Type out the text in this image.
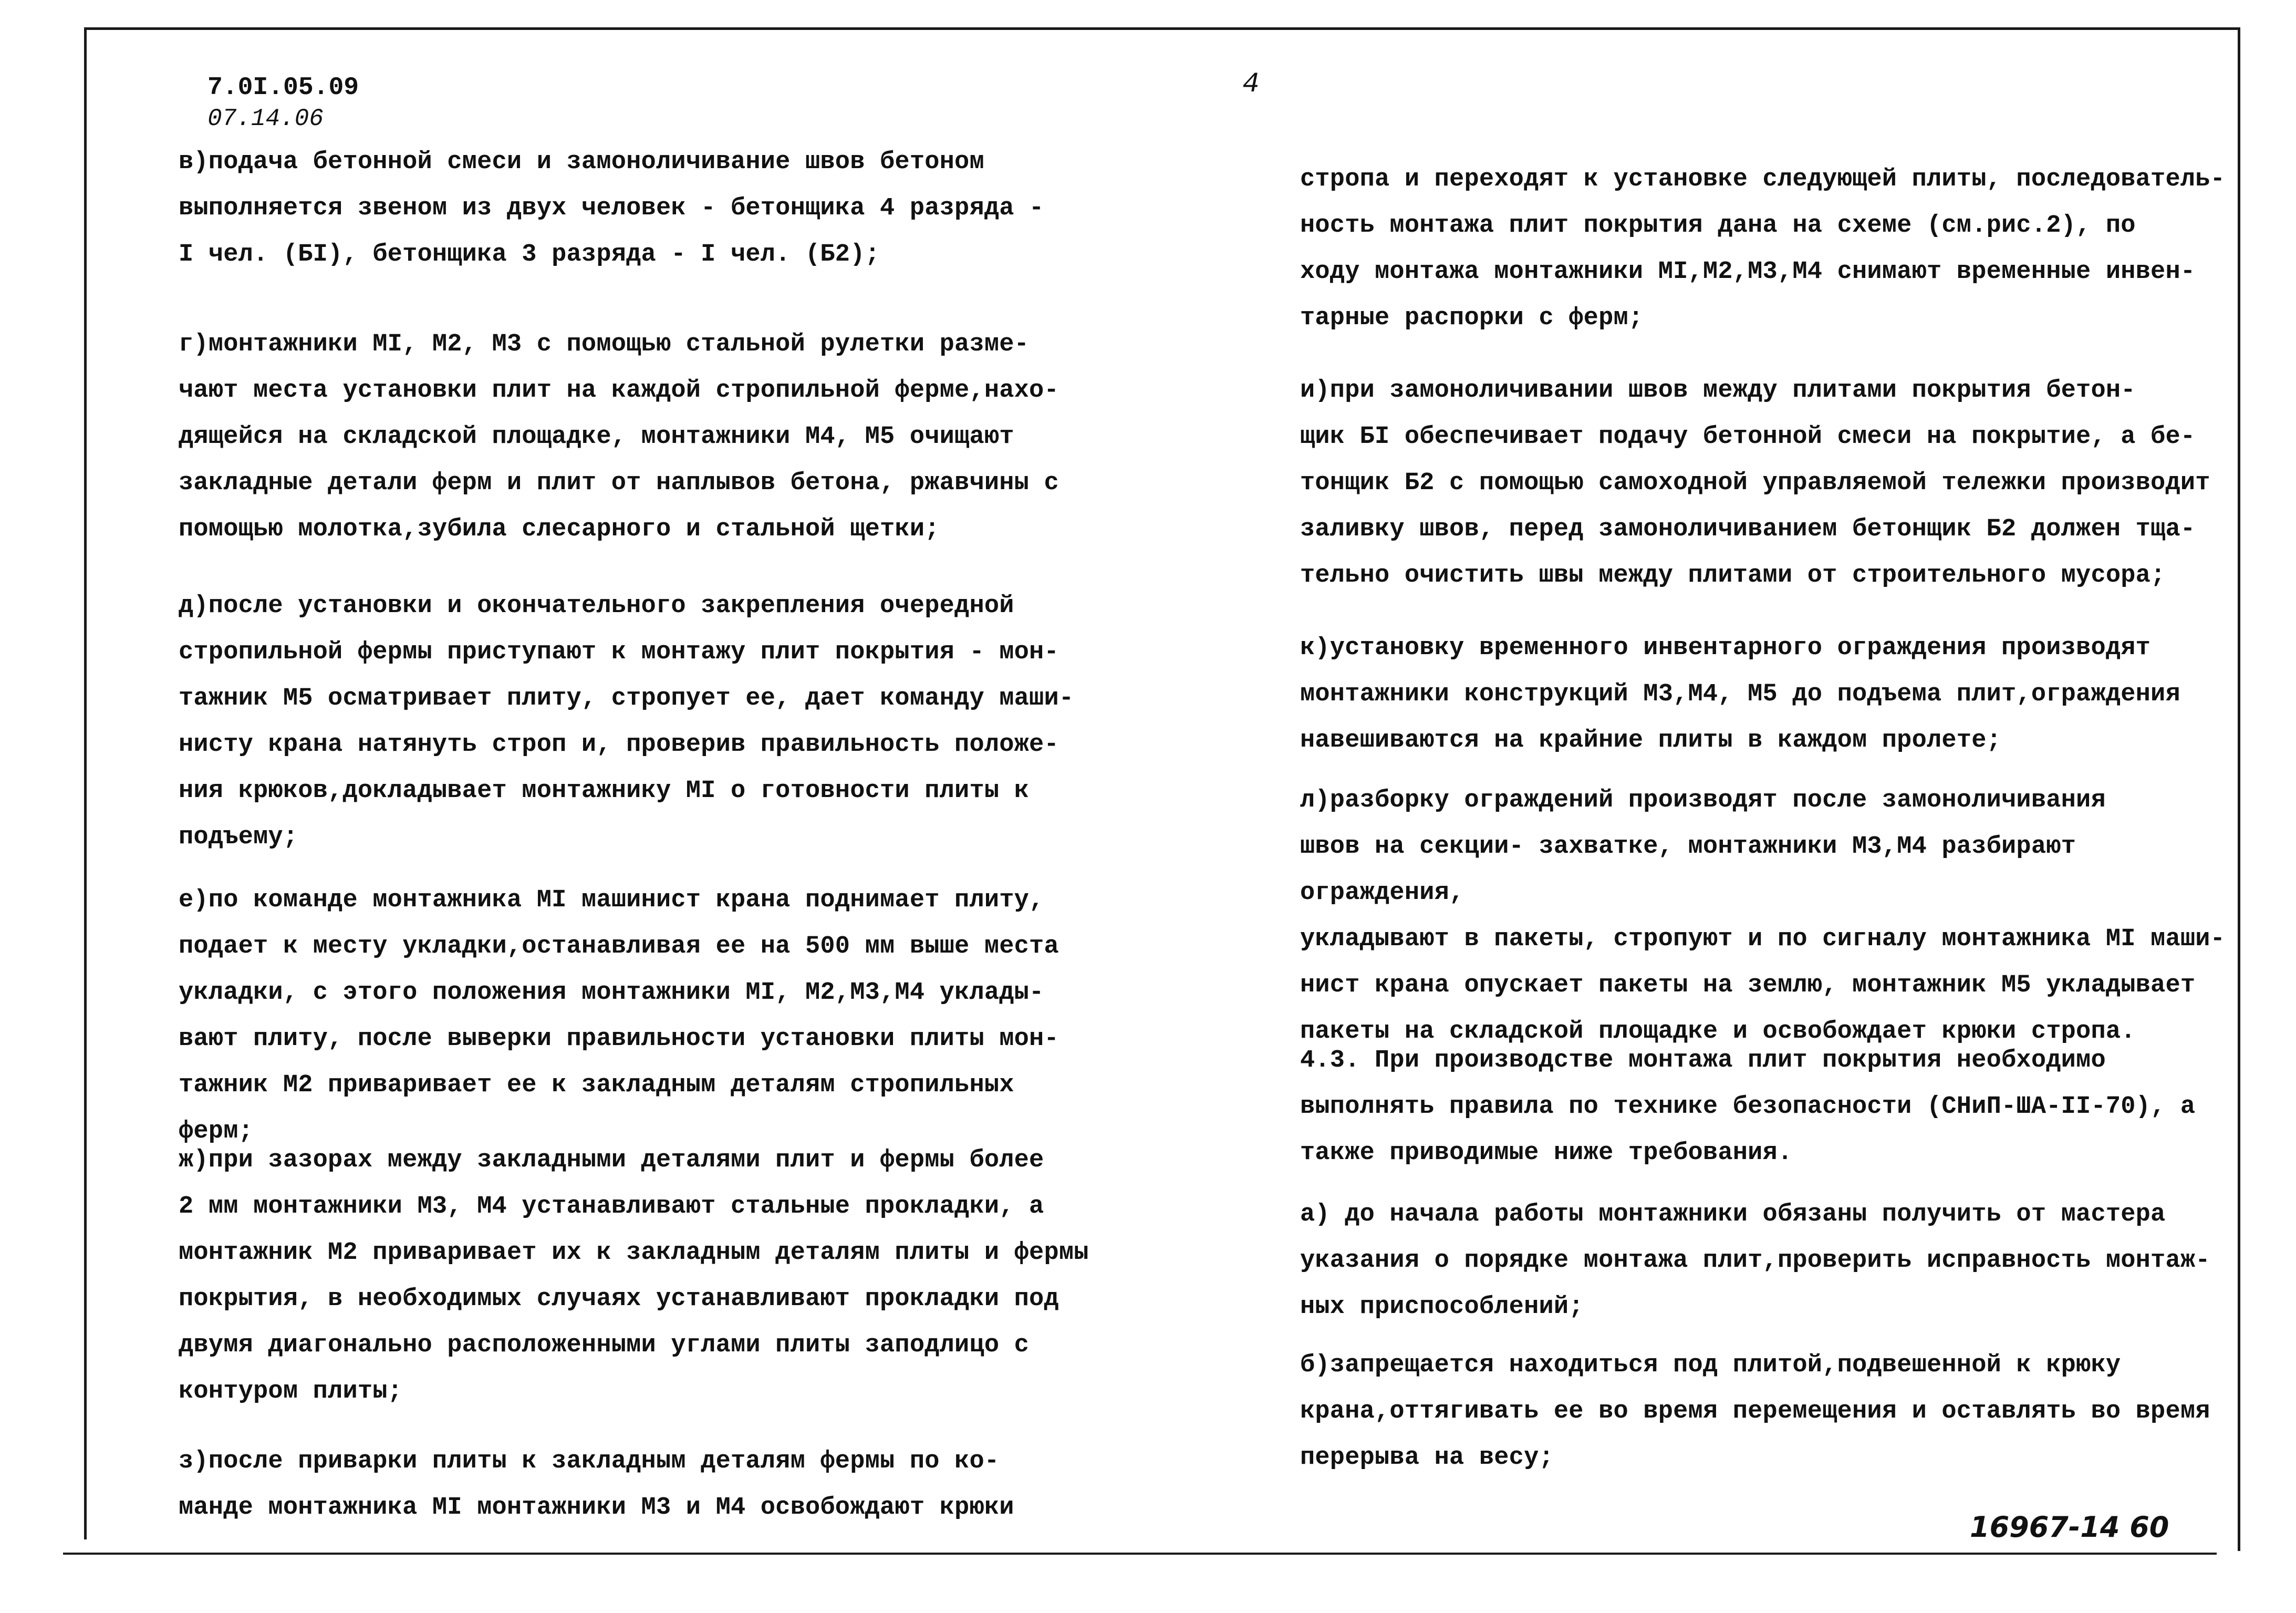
7.0I.05.09
07.14.06
4
16967-14 60
в)подача бетонной смеси и замоноличивание швов бетоном
выполняется звеном из двух человек - бетонщика 4 разряда -
I чел. (БI), бетонщика 3 разряда - I чел. (Б2);
г)монтажники МI, М2, М3 с помощью стальной рулетки разме-
чают места установки плит на каждой стропильной ферме,нахо-
дящейся на складской площадке, монтажники М4, М5 очищают
закладные детали ферм и плит от наплывов бетона, ржавчины с
помощью молотка,зубила слесарного и стальной щетки;
д)после установки и окончательного закрепления очередной
стропильной фермы приступают к монтажу плит покрытия - мон-
тажник М5 осматривает плиту, стропует ее, дает команду маши-
нисту крана натянуть строп и, проверив правильность положе-
ния крюков,докладывает монтажнику МI о готовности плиты к
подъему;
е)по команде монтажника МI машинист крана поднимает плиту,
подает к месту укладки,останавливая ее на 500 мм выше места
укладки, с этого положения монтажники МI, М2,М3,М4 уклады-
вают плиту, после выверки правильности установки плиты мон-
тажник М2 приваривает ее к закладным деталям стропильных ферм;
ж)при зазорах между закладными деталями плит и фермы более
2 мм монтажники М3, М4 устанавливают стальные прокладки, а
монтажник М2 приваривает их к закладным деталям плиты и фермы
покрытия, в необходимых случаях устанавливают прокладки под
двумя диагонально расположенными углами плиты заподлицо с
контуром плиты;
з)после приварки плиты к закладным деталям фермы по ко-
манде монтажника МI монтажники М3 и М4 освобождают крюки
стропа и переходят к установке следующей плиты, последователь-
ность монтажа плит покрытия дана на схеме (см.рис.2), по
ходу монтажа монтажники МI,М2,М3,М4 снимают временные инвен-
тарные распорки с ферм;
и)при замоноличивании швов между плитами покрытия бетон-
щик БI обеспечивает подачу бетонной смеси на покрытие, а бе-
тонщик Б2 с помощью самоходной управляемой тележки производит
заливку швов, перед замоноличиванием бетонщик Б2 должен тща-
тельно очистить швы между плитами от строительного мусора;
к)установку временного инвентарного ограждения производят
монтажники конструкций М3,М4, М5 до подъема плит,ограждения
навешиваются на крайние плиты в каждом пролете;
л)разборку ограждений производят после замоноличивания
швов на секции- захватке, монтажники М3,М4 разбирают ограждения,
укладывают в пакеты, стропуют и по сигналу монтажника МI маши-
нист крана опускает пакеты на землю, монтажник М5 укладывает
пакеты на складской площадке и освобождает крюки стропа.
4.3. При производстве монтажа плит покрытия необходимо
выполнять правила по технике безопасности (СНиП-ША-II-70), а
также приводимые ниже требования.
а) до начала работы монтажники обязаны получить от мастера
указания о порядке монтажа плит,проверить исправность монтаж-
ных приспособлений;
б)запрещается находиться под плитой,подвешенной к крюку
крана,оттягивать ее во время перемещения и оставлять во время
перерыва на весу;
